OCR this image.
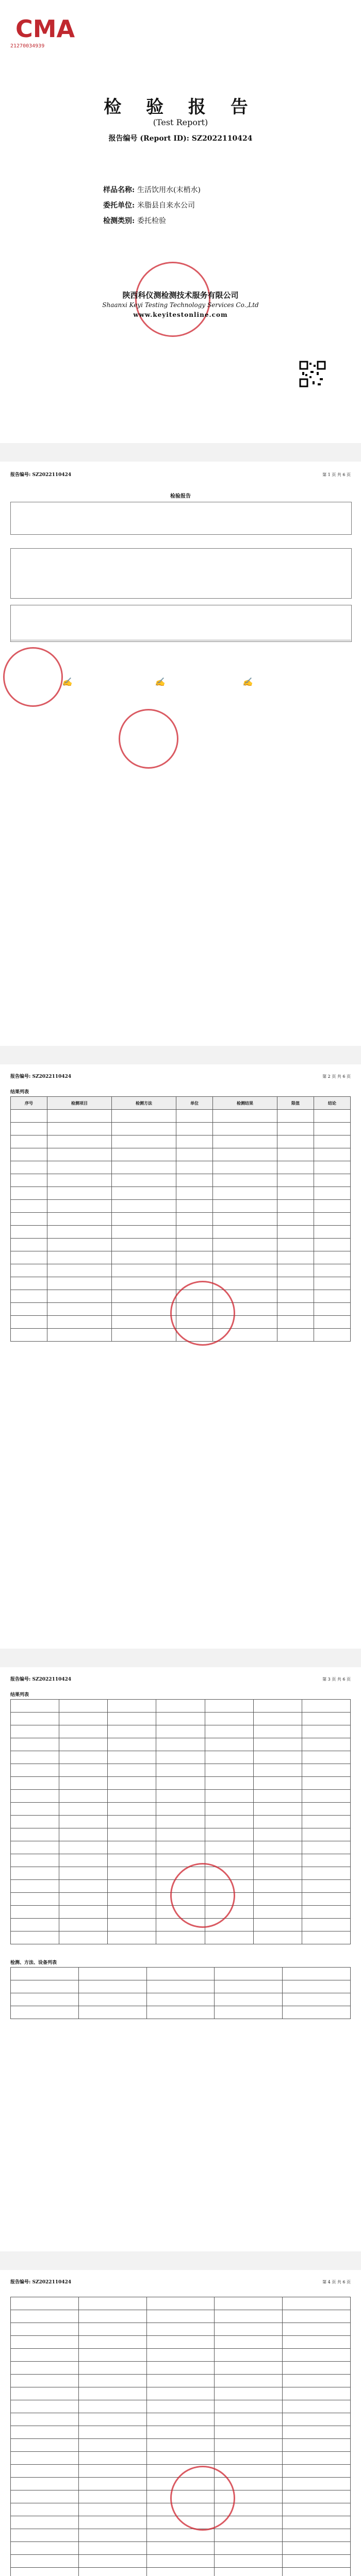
CMA
21270034939
检 验 报 告
(Test Report)
报告编号 (Report ID): SZ2022110424
样品名称: 生活饮用水(末梢水)
委托单位: 米脂县自来水公司
检测类别: 委托检验
陕西科仪测检测技术服务有限公司
Shaanxi Keyi Testing Technology Services Co.,Ltd
www.keyitestonline.com
报告编号: SZ2022110424	第 1 页 共 6 页
检验报告
✍	✍	✍
报告编号: SZ2022110424	第 2 页 共 6 页
结果列表
序号	检测项目	检测方法	单位	检测结果	限值	结论

报告编号: SZ2022110424	第 3 页 共 6 页
结果列表

检测、方法、设备列表

报告编号: SZ2022110424	第 4 页 共 6 页
